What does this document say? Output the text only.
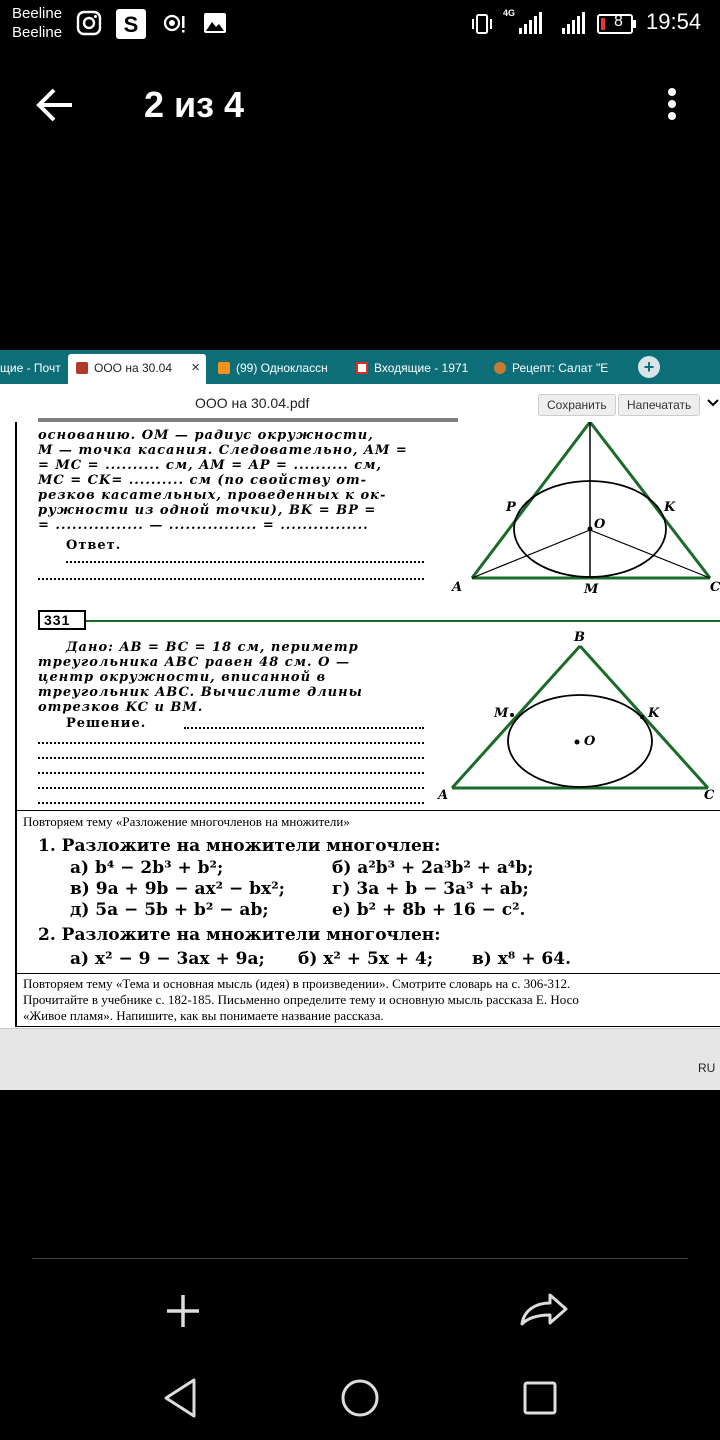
Beeline
Beeline	S	4G	8 19:54
2 из 4
щие - Почт	ООО на 30.04 ×	(99) Одноклассн	Входящие - 1971	Рецепт: Салат "Е	+
ООО на 30.04.pdf	Сохранить	Напечатать
основанию. OM — радиус окружности,
M — точка касания. Следовательно, AM =
= MC = .......... см, AM = AP = .......... см,
MC = CK= .......... см (по свойству от-
резков касательных, проведенных к ок-
ружности из одной точки), BK = BP =
= ................ — ................ = ................
Ответ.
P	K
O
A	M	C
331
Дано: AB = BC = 18 см, периметр
треугольника ABC равен 48 см. O —
центр окружности, вписанной в
треугольник ABC. Вычислите длины
отрезков KC и BM.
Решение.
B
M	K
O
A	C
Повторяем тему «Разложение многочленов на множители»
1. Разложите на множители многочлен:
а) b⁴ − 2b³ + b²;	б) a²b³ + 2a³b² + a⁴b;
в) 9a + 9b − ax² − bx²;	г) 3a + b − 3a³ + ab;
д) 5a − 5b + b² − ab;	е) b² + 8b + 16 − c².
2. Разложите на множители многочлен:
а) x² − 9 − 3ax + 9a; б) x² + 5x + 4; в) x⁸ + 64.
Повторяем тему «Тема и основная мысль (идея) в произведении». Смотрите словарь на с. 306-312.
Прочитайте в учебнике с. 182-185. Письменно определите тему и основную мысль рассказа Е. Носо
«Живое пламя». Напишите, как вы понимаете название рассказа.
RU
